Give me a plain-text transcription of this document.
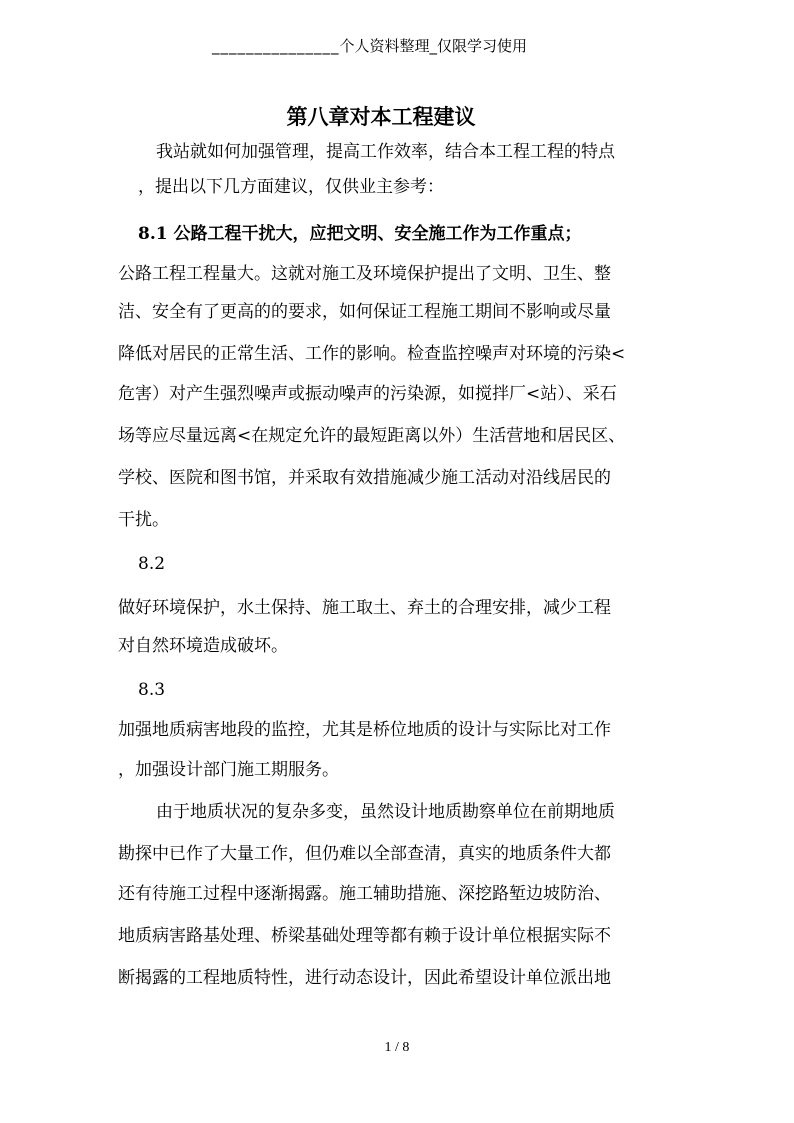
_______________个人资料整理_仅限学习使用
第八章对本工程建议
我站就如何加强管理，提高工作效率，结合本工程工程的特点
，提出以下几方面建议，仅供业主参考：
8.1 公路工程干扰大，应把文明、安全施工作为工作重点；
公路工程工程量大。这就对施工及环境保护提出了文明、卫生、整
洁、安全有了更高的的要求，如何保证工程施工期间不影响或尽量
降低对居民的正常生活、工作的影响。检查监控噪声对环境的污染<
危害）对产生强烈噪声或振动噪声的污染源，如搅拌厂<站）、采石
场等应尽量远离<在规定允许的最短距离以外）生活营地和居民区、
学校、医院和图书馆，并采取有效措施减少施工活动对沿线居民的
干扰。
8.2
做好环境保护，水土保持、施工取土、弃土的合理安排，减少工程
对自然环境造成破坏。
8.3
加强地质病害地段的监控，尤其是桥位地质的设计与实际比对工作
，加强设计部门施工期服务。
由于地质状况的复杂多变，虽然设计地质勘察单位在前期地质
勘探中已作了大量工作，但仍难以全部查清，真实的地质条件大都
还有待施工过程中逐渐揭露。施工辅助措施、深挖路堑边坡防治、
地质病害路基处理、桥梁基础处理等都有赖于设计单位根据实际不
断揭露的工程地质特性，进行动态设计，因此希望设计单位派出地
1 / 8
